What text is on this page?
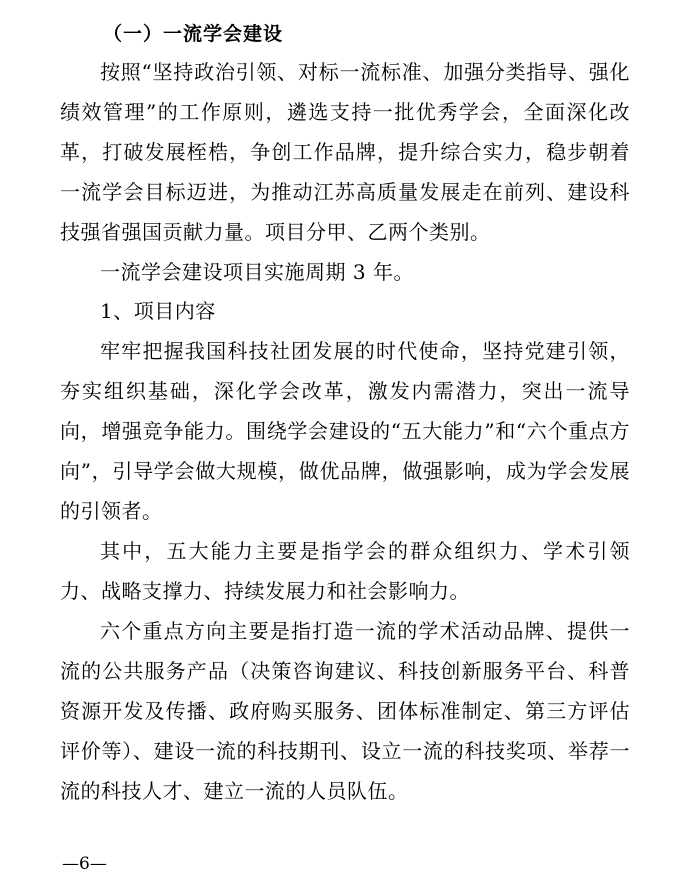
（一）一流学会建设

按照“坚持政治引领、对标一流标准、加强分类指导、强化绩效管理”的工作原则，遴选支持一批优秀学会，全面深化改革，打破发展桎梏，争创工作品牌，提升综合实力，稳步朝着一流学会目标迈进，为推动江苏高质量发展走在前列、建设科技强省强国贡献力量。项目分甲、乙两个类别。

一流学会建设项目实施周期 3 年。

1、项目内容

牢牢把握我国科技社团发展的时代使命，坚持党建引领，夯实组织基础，深化学会改革，激发内需潜力，突出一流导向，增强竞争能力。围绕学会建设的“五大能力”和“六个重点方向”，引导学会做大规模，做优品牌，做强影响，成为学会发展的引领者。

其中，五大能力主要是指学会的群众组织力、学术引领力、战略支撑力、持续发展力和社会影响力。

六个重点方向主要是指打造一流的学术活动品牌、提供一流的公共服务产品（决策咨询建议、科技创新服务平台、科普资源开发及传播、政府购买服务、团体标准制定、第三方评估评价等）、建设一流的科技期刊、设立一流的科技奖项、举荐一流的科技人才、建立一流的人员队伍。

—6—
